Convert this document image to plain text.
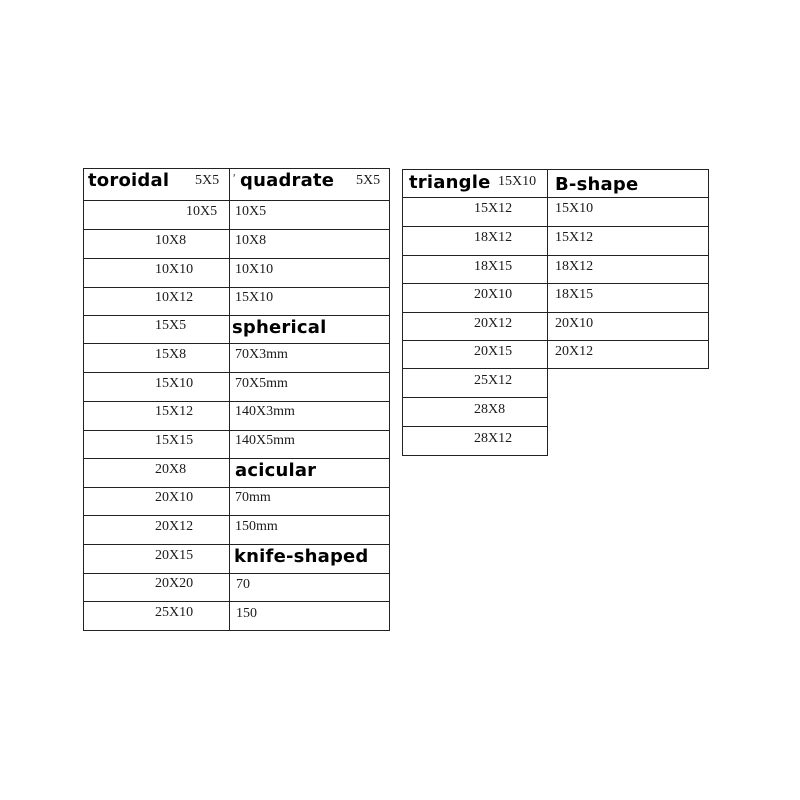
toroidal 5X5
10X5
10X8
10X10
10X12
15X5
15X8
15X10
15X12
15X15
20X8
20X10
20X12
20X15
20X20
25X10
ʹ quadrate 5X5
10X5
10X8
10X10
15X10
spherical
70X3mm
70X5mm
140X3mm
140X5mm
acicular
70mm
150mm
knife-shaped
70
150
triangle 15X10
15X12
18X12
18X15
20X10
20X12
20X15
25X12
28X8
28X12
B-shape
15X10
15X12
18X12
18X15
20X10
20X12
